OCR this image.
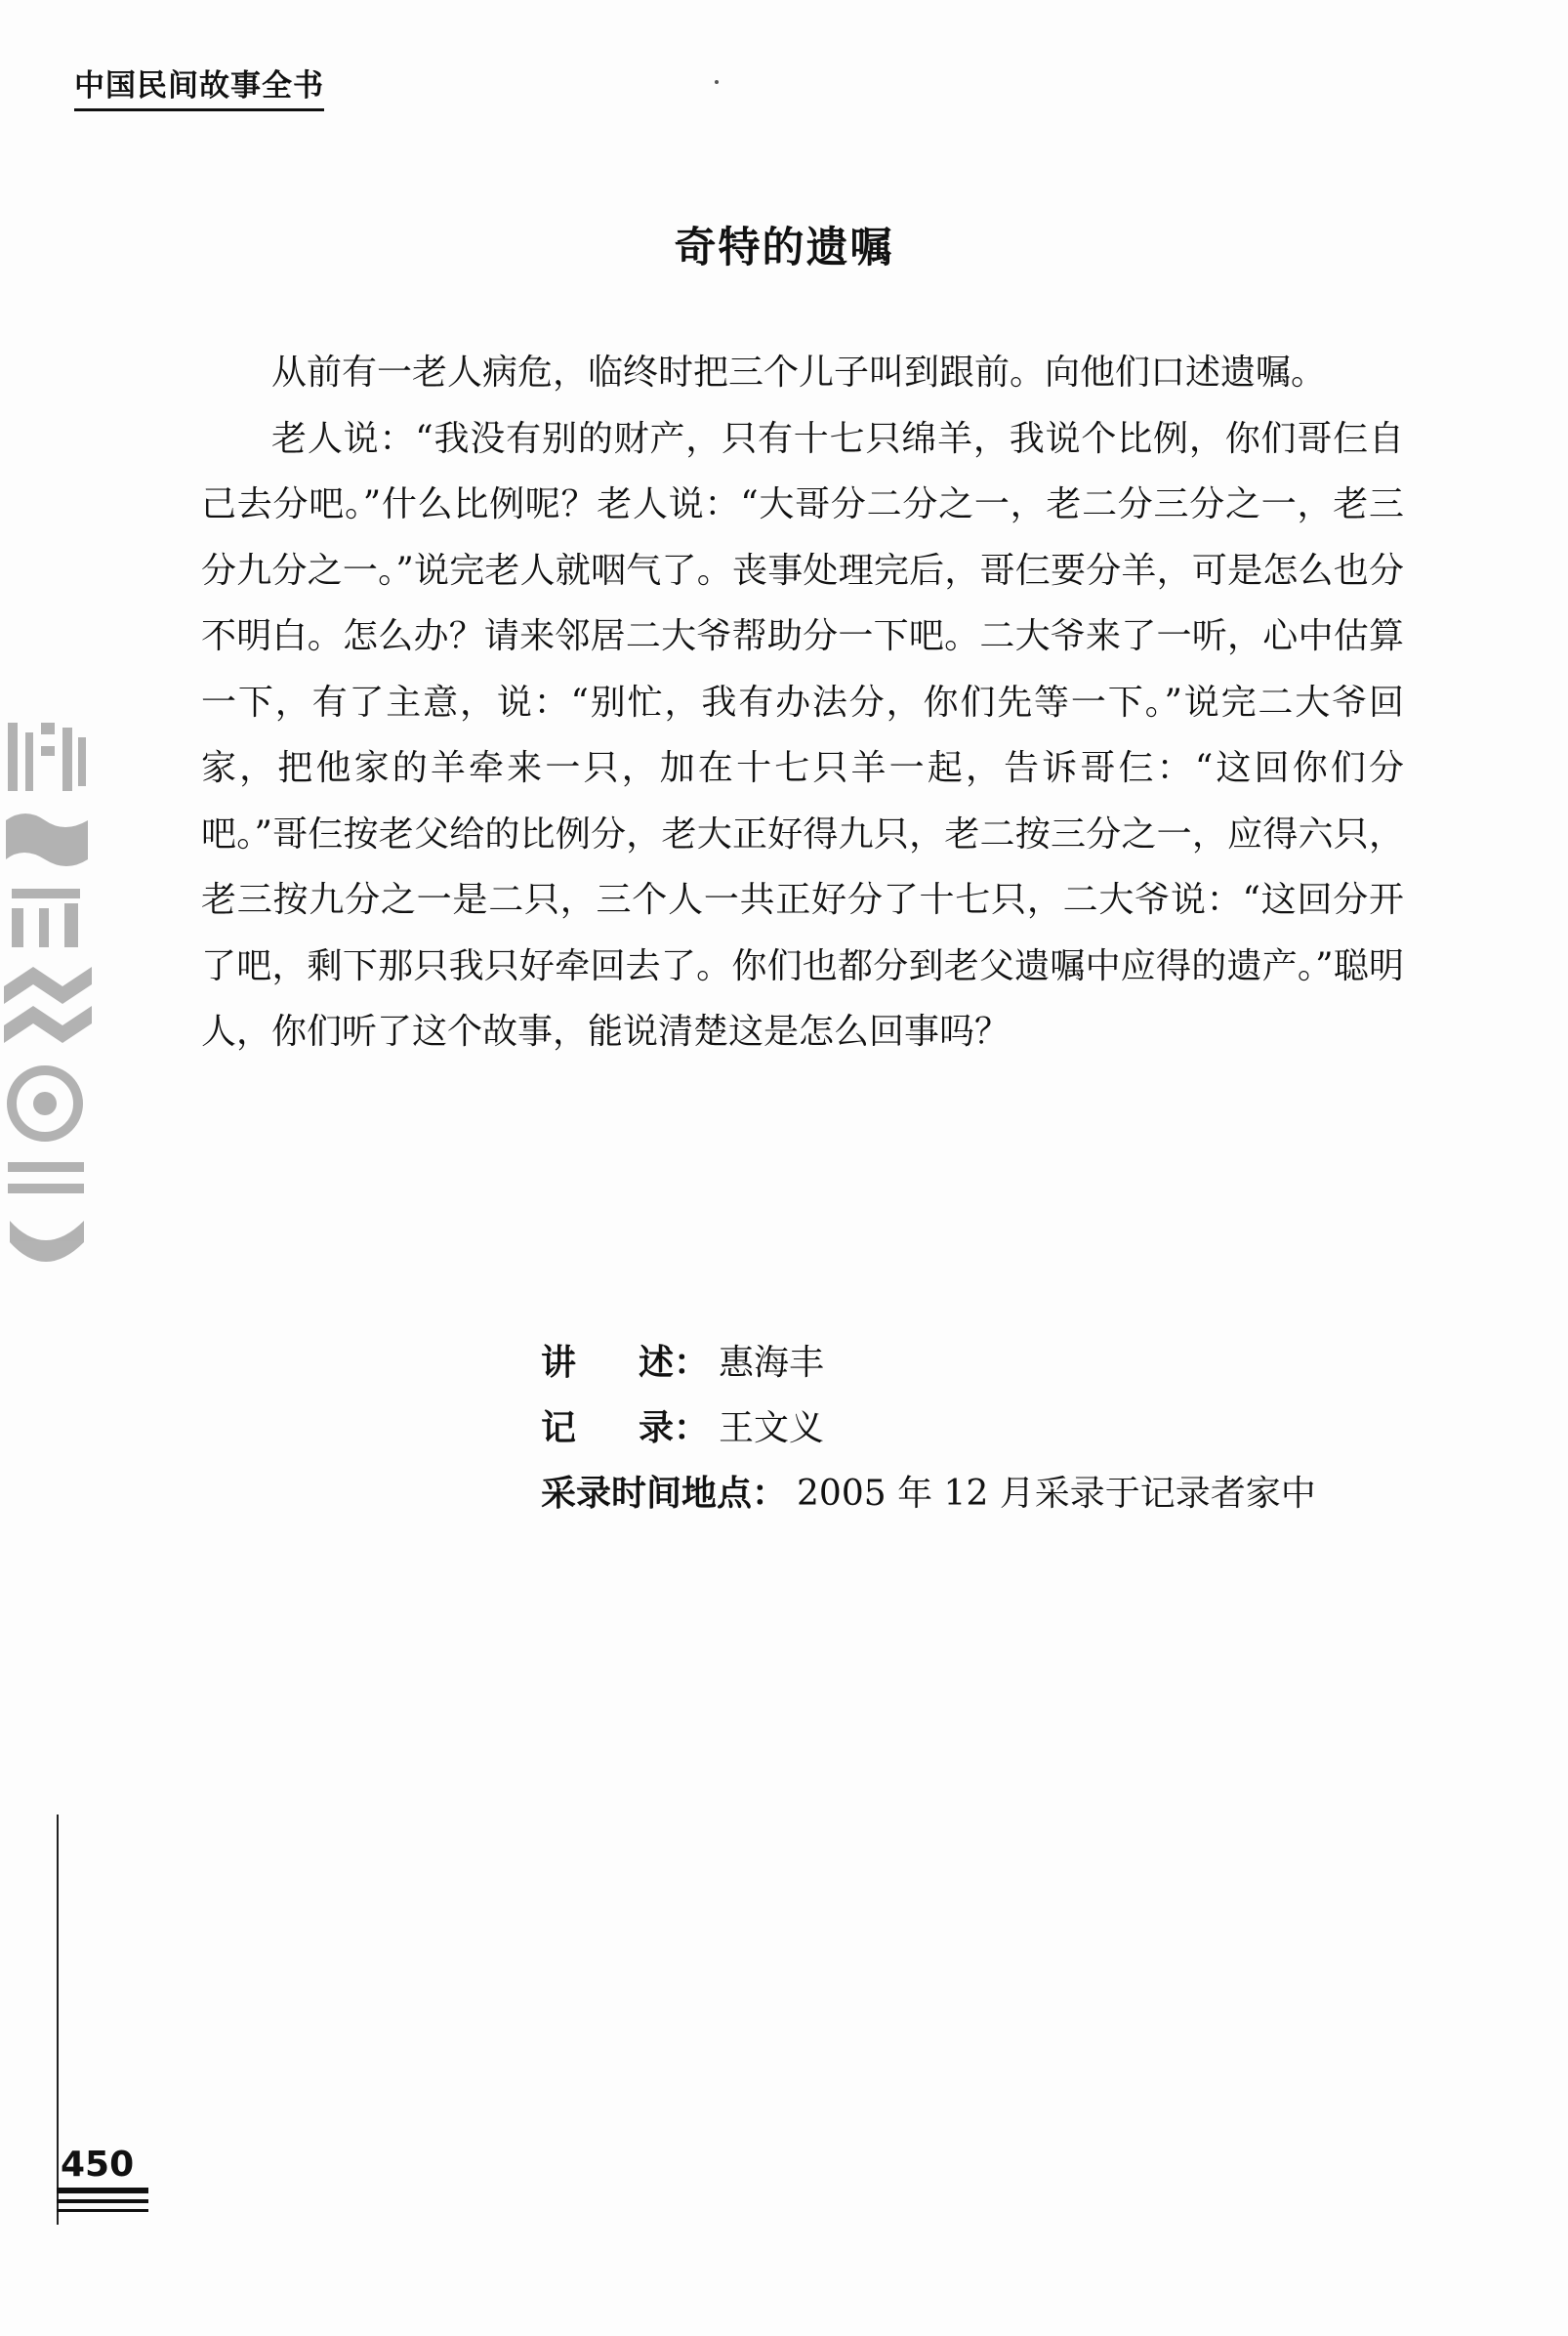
中国民间故事全书
奇特的遗嘱

从前有一老人病危，临终时把三个儿子叫到跟前。向他们口述遗嘱。

老人说：“我没有别的财产，只有十七只绵羊，我说个比例，你们哥仨自己去分吧。”什么比例呢？老人说：“大哥分二分之一，老二分三分之一，老三分九分之一。”说完老人就咽气了。丧事处理完后，哥仨要分羊，可是怎么也分不明白。怎么办？请来邻居二大爷帮助分一下吧。二大爷来了一听，心中估算一下，有了主意，说：“别忙，我有办法分，你们先等一下。”说完二大爷回家，把他家的羊牵来一只，加在十七只羊一起，告诉哥仨：“这回你们分吧。”哥仨按老父给的比例分，老大正好得九只，老二按三分之一，应得六只，老三按九分之一是二只，三个人一共正好分了十七只，二大爷说：“这回分开了吧，剩下那只我只好牵回去了。你们也都分到老父遗嘱中应得的遗产。”聪明人，你们听了这个故事，能说清楚这是怎么回事吗？

讲述 ： 惠海丰
记录 ： 王文义
采录时间地点 ： 2005 年 12 月采录于记录者家中
450
